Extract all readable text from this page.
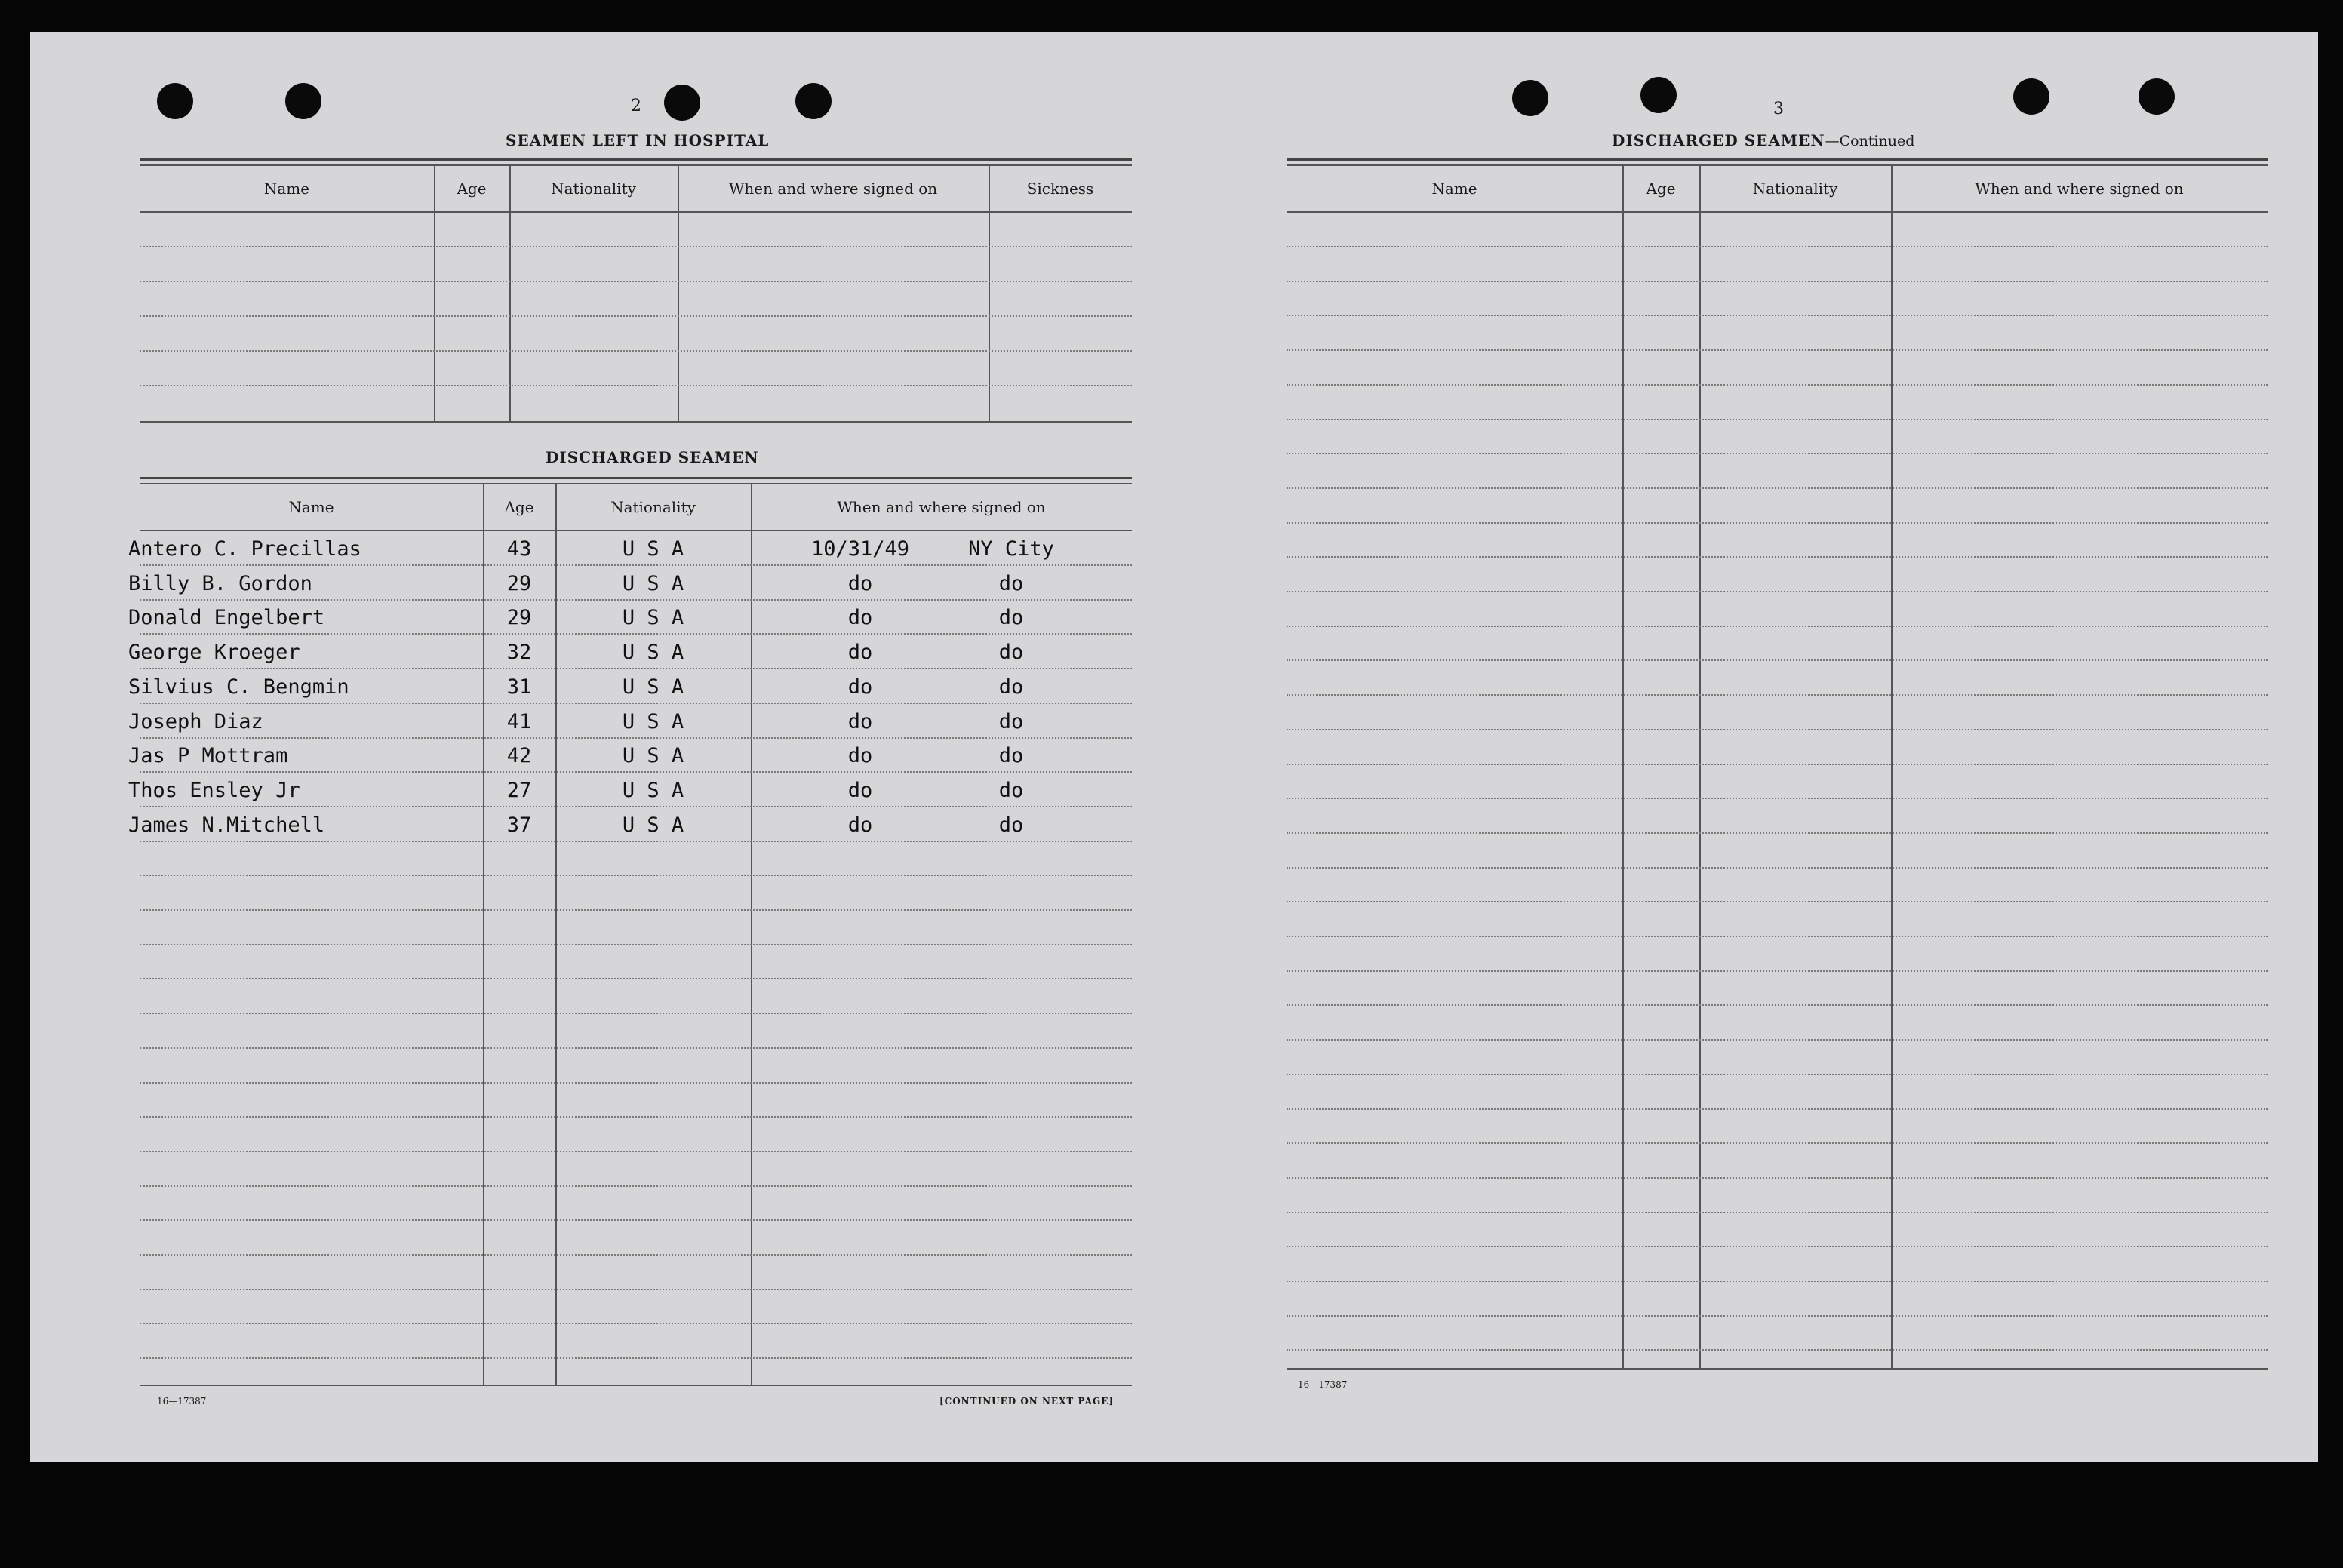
2
SEAMEN LEFT IN HOSPITAL
Name	Age	Nationality	When and where signed on	Sickness
DISCHARGED SEAMEN
Name	Age	Nationality	When and where signed on
Antero C. Precillas	43	U S A	10/31/49	NY City
Billy B. Gordon	29	U S A	do	do
Donald Engelbert	29	U S A	do	do
George Kroeger	32	U S A	do	do
Silvius C. Bengmin	31	U S A	do	do
Joseph Diaz	41	U S A	do	do
Jas P Mottram	42	U S A	do	do
Thos Ensley Jr	27	U S A	do	do
James N.Mitchell	37	U S A	do	do
16—17387	[CONTINUED ON NEXT PAGE]
3
DISCHARGED SEAMEN—Continued
Name	Age	Nationality	When and where signed on
16—17387
